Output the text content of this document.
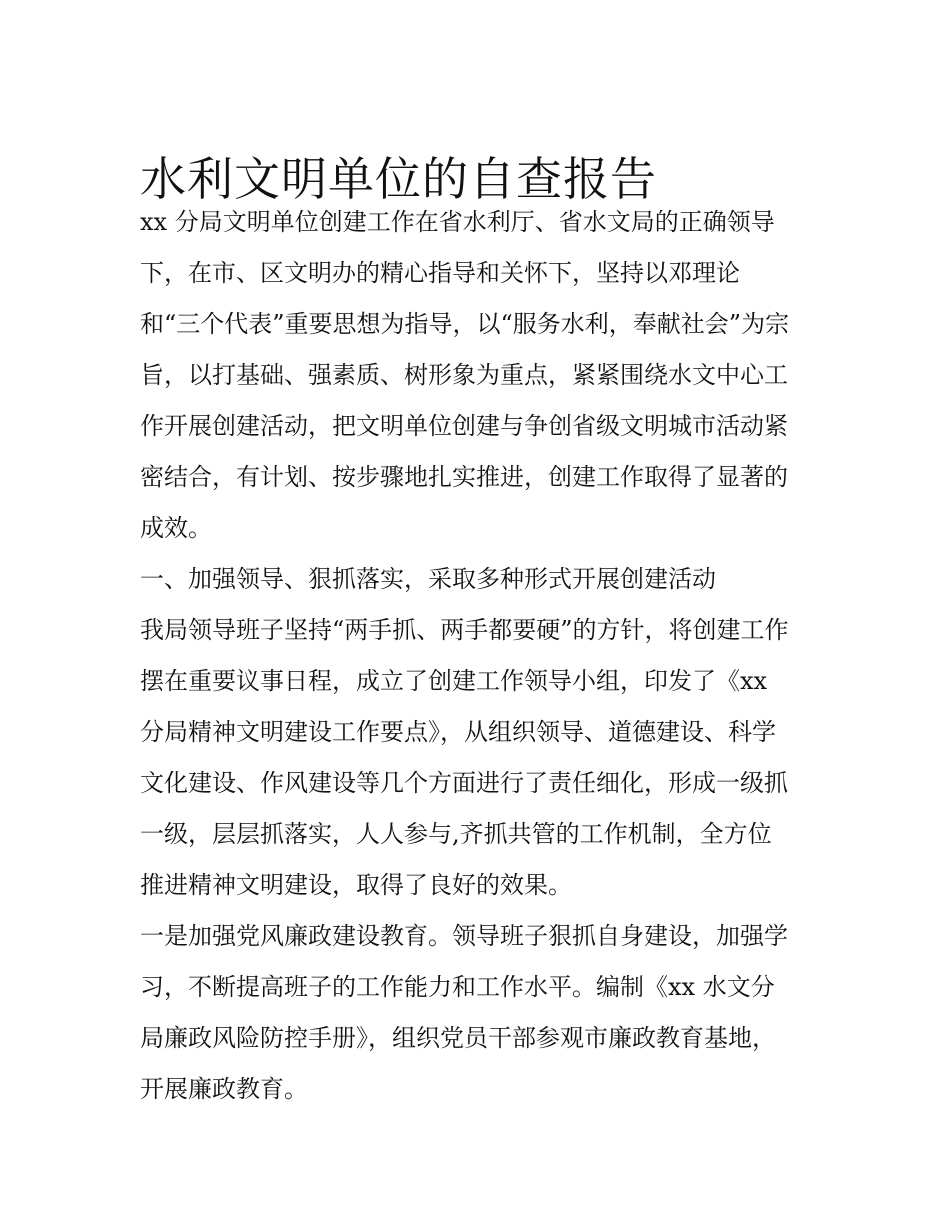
水利文明单位的自查报告
xx 分局文明单位创建工作在省水利厅、省水文局的正确领导
下，在市、区文明办的精心指导和关怀下，坚持以邓理论
和“三个代表”重要思想为指导，以“服务水利，奉献社会”为宗
旨，以打基础、强素质、树形象为重点，紧紧围绕水文中心工
作开展创建活动，把文明单位创建与争创省级文明城市活动紧
密结合，有计划、按步骤地扎实推进，创建工作取得了显著的
成效。
一、加强领导、狠抓落实，采取多种形式开展创建活动
我局领导班子坚持“两手抓、两手都要硬”的方针，将创建工作
摆在重要议事日程，成立了创建工作领导小组，印发了《xx
分局精神文明建设工作要点》，从组织领导、道德建设、科学
文化建设、作风建设等几个方面进行了责任细化，形成一级抓
一级，层层抓落实，人人参与,齐抓共管的工作机制，全方位
推进精神文明建设，取得了良好的效果。
一是加强党风廉政建设教育。领导班子狠抓自身建设，加强学
习，不断提高班子的工作能力和工作水平。编制《xx 水文分
局廉政风险防控手册》，组织党员干部参观市廉政教育基地，
开展廉政教育。
